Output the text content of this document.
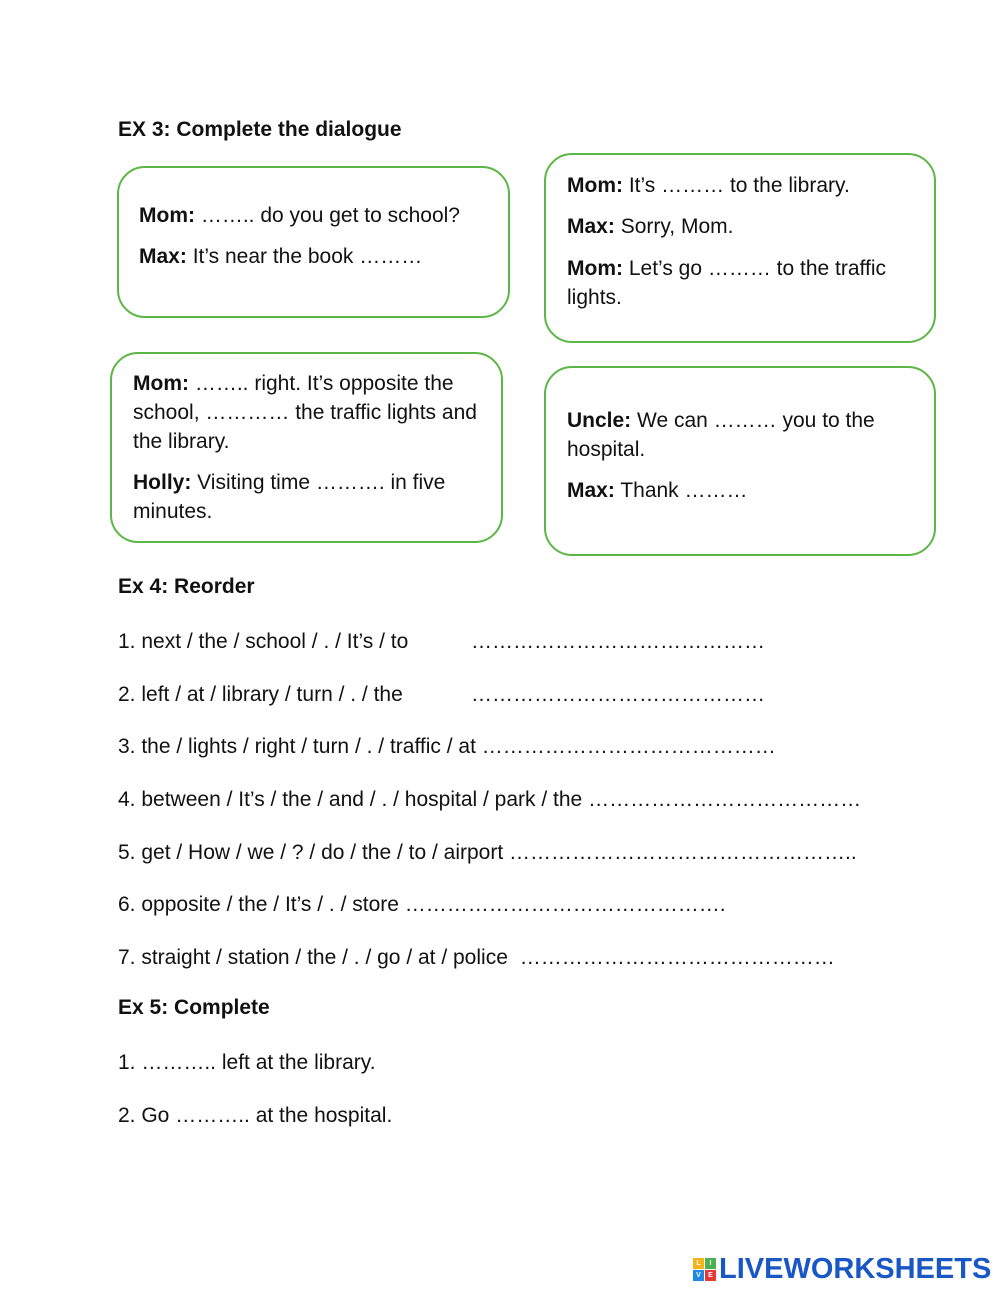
EX 3: Complete the dialogue
Mom: …….. do you get to school?
Max: It’s near the book ………
Mom: It’s ……… to the library.
Max: Sorry, Mom.
Mom: Let’s go ……… to the traffic lights.
Mom: …….. right. It’s opposite the school, ………… the traffic lights and the library.
Holly: Visiting time ………. in five minutes.
Uncle: We can ……… you to the hospital.
Max: Thank ………
Ex 4: Reorder
1. next / the / school / . / It’s / to	……………………………………
2. left / at / library / turn / . / the	……………………………………
3. the / lights / right / turn / . / traffic / at ……………………………………
4. between / It’s / the / and / . / hospital / park / the …………………………………
5. get / How / we / ? / do / the / to / airport …………………………………………..
6. opposite / the / It’s / . / store ……………………………………….
7. straight / station / the / . / go / at / police ………………………………………
Ex 5: Complete
1. ……….. left at the library.
2. Go ……….. at the hospital.
L	I
V	E LIVEWORKSHEETS
